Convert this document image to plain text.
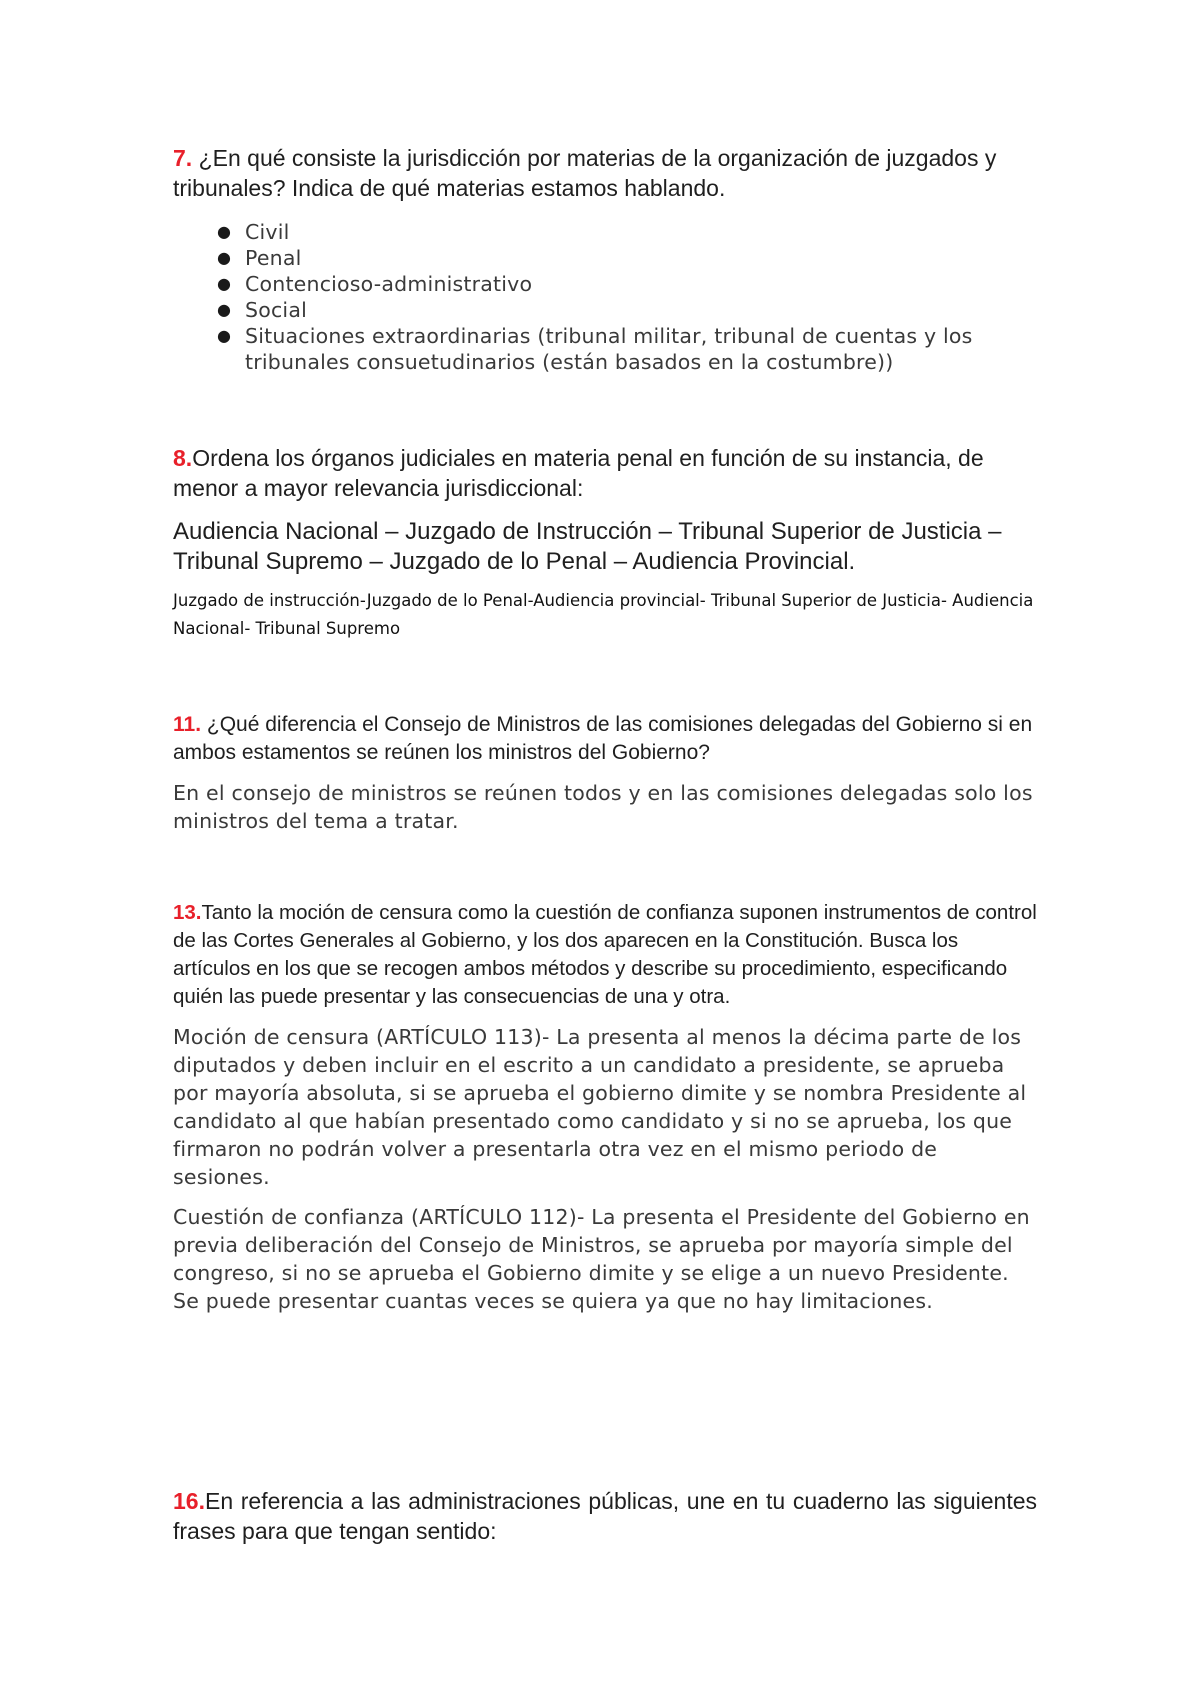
7. ¿En qué consiste la jurisdicción por materias de la organización de juzgados y tribunales? Indica de qué materias estamos hablando.

● Civil
● Penal
● Contencioso-administrativo
● Social
● Situaciones extraordinarias (tribunal militar, tribunal de cuentas y los tribunales consuetudinarios (están basados en la costumbre))

8.Ordena los órganos judiciales en materia penal en función de su instancia, de menor a mayor relevancia jurisdiccional:

Audiencia Nacional – Juzgado de Instrucción – Tribunal Superior de Justicia – Tribunal Supremo – Juzgado de lo Penal – Audiencia Provincial.

Juzgado de instrucción-Juzgado de lo Penal-Audiencia provincial- Tribunal Superior de Justicia- Audiencia Nacional- Tribunal Supremo

11. ¿Qué diferencia el Consejo de Ministros de las comisiones delegadas del Gobierno si en ambos estamentos se reúnen los ministros del Gobierno?

En el consejo de ministros se reúnen todos y en las comisiones delegadas solo los ministros del tema a tratar.

13.Tanto la moción de censura como la cuestión de confianza suponen instrumentos de control de las Cortes Generales al Gobierno, y los dos aparecen en la Constitución. Busca los artículos en los que se recogen ambos métodos y describe su procedimiento, especificando quién las puede presentar y las consecuencias de una y otra.

Moción de censura (ARTÍCULO 113)- La presenta al menos la décima parte de los diputados y deben incluir en el escrito a un candidato a presidente, se aprueba por mayoría absoluta, si se aprueba el gobierno dimite y se nombra Presidente al candidato al que habían presentado como candidato y si no se aprueba, los que firmaron no podrán volver a presentarla otra vez en el mismo periodo de sesiones.

Cuestión de confianza (ARTÍCULO 112)- La presenta el Presidente del Gobierno en previa deliberación del Consejo de Ministros, se aprueba por mayoría simple del congreso, si no se aprueba el Gobierno dimite y se elige a un nuevo Presidente. Se puede presentar cuantas veces se quiera ya que no hay limitaciones.

16.En referencia a las administraciones públicas, une en tu cuaderno las siguientes frases para que tengan sentido:
